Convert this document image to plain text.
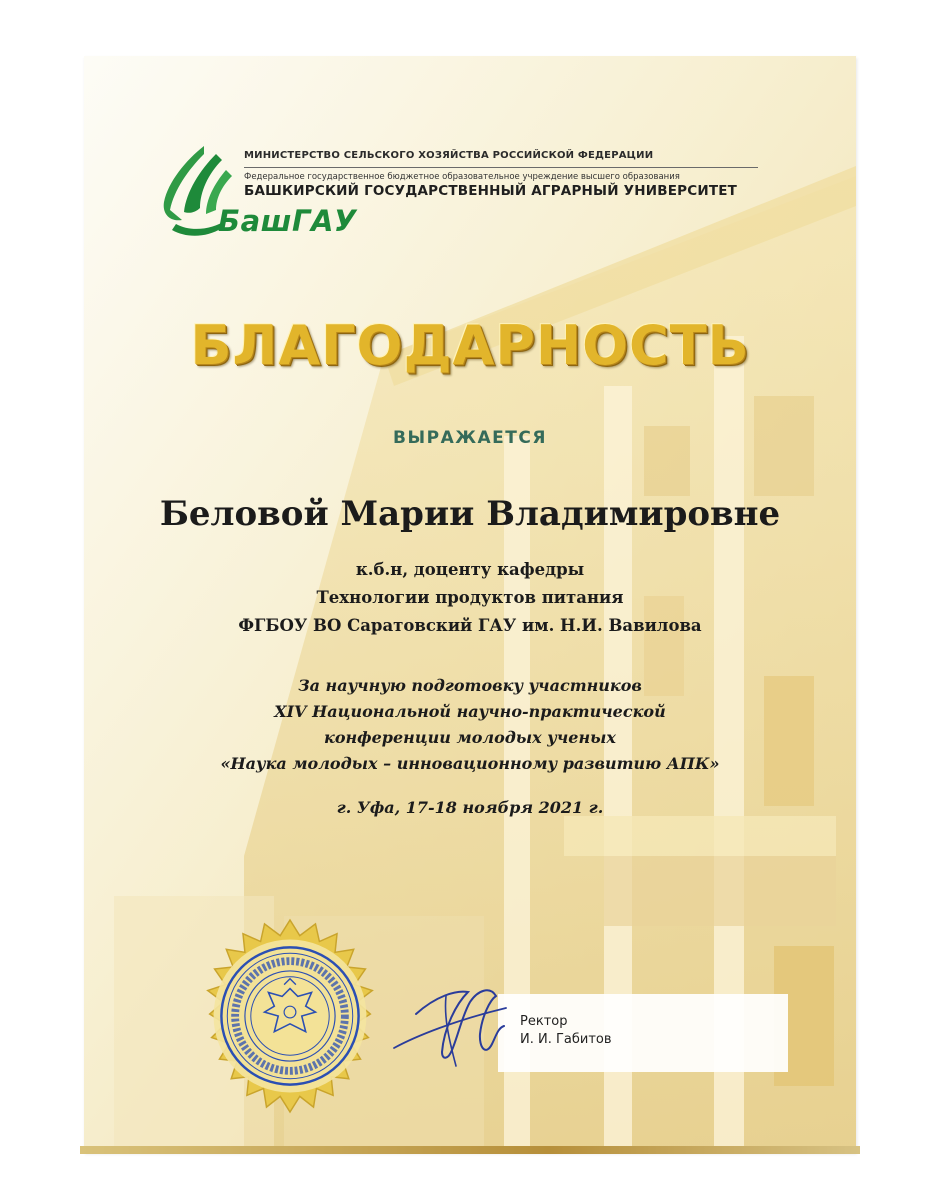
МИНИСТЕРСТВО СЕЛЬСКОГО ХОЗЯЙСТВА РОССИЙСКОЙ ФЕДЕРАЦИИ
Федеральное государственное бюджетное образовательное учреждение высшего образования
БАШКИРСКИЙ ГОСУДАРСТВЕННЫЙ АГРАРНЫЙ УНИВЕРСИТЕТ
БашГАУ
БЛАГОДАРНОСТЬ
ВЫРАЖАЕТСЯ
Беловой Марии Владимировне
к.б.н, доценту кафедры
Технологии продуктов питания
ФГБОУ ВО Саратовский ГАУ им. Н.И. Вавилова
За научную подготовку участников
XIV Национальной научно-практической
конференции молодых ученых
«Наука молодых – инновационному развитию АПК»
г. Уфа, 17-18 ноября 2021 г.
Ректор
И. И. Габитов
